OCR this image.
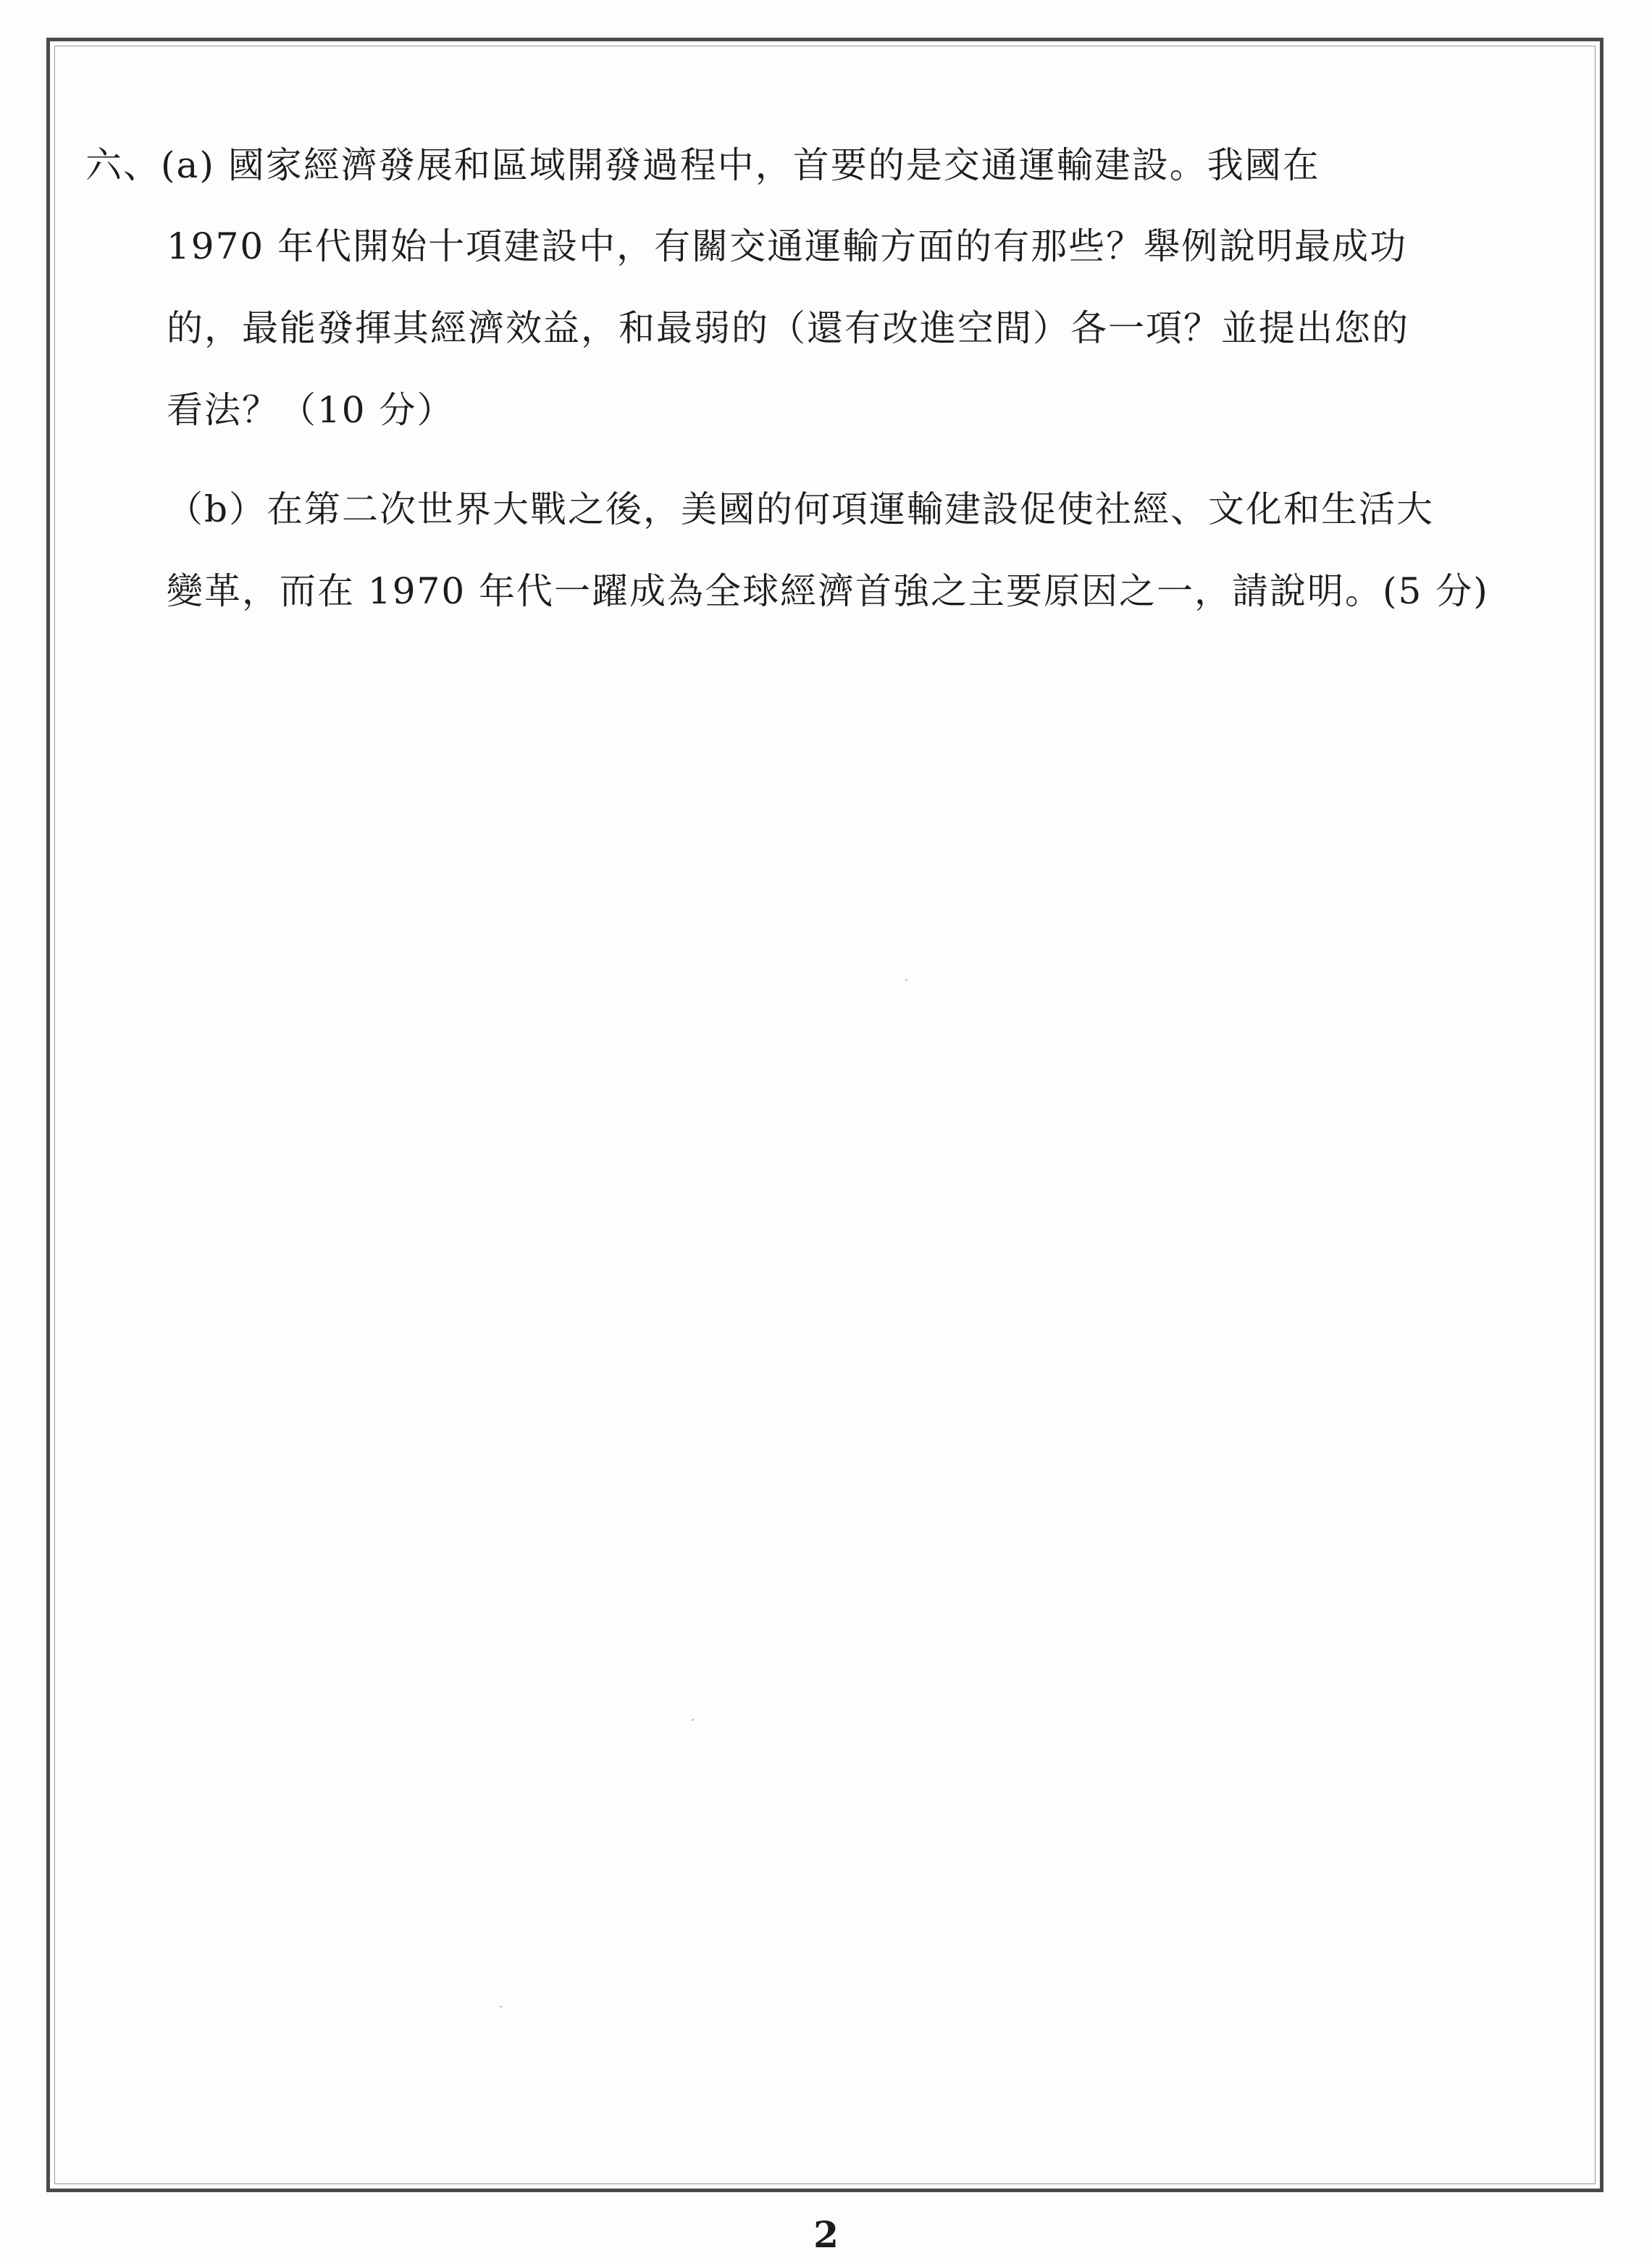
六、(a) 國家經濟發展和區域開發過程中，首要的是交通運輸建設。我國在
1970 年代開始十項建設中，有關交通運輸方面的有那些？舉例說明最成功
的，最能發揮其經濟效益，和最弱的（還有改進空間）各一項？並提出您的
看法？（10 分）
（b）在第二次世界大戰之後，美國的何項運輸建設促使社經、文化和生活大
變革，而在 1970 年代一躍成為全球經濟首強之主要原因之一，請說明。(5 分)
2
